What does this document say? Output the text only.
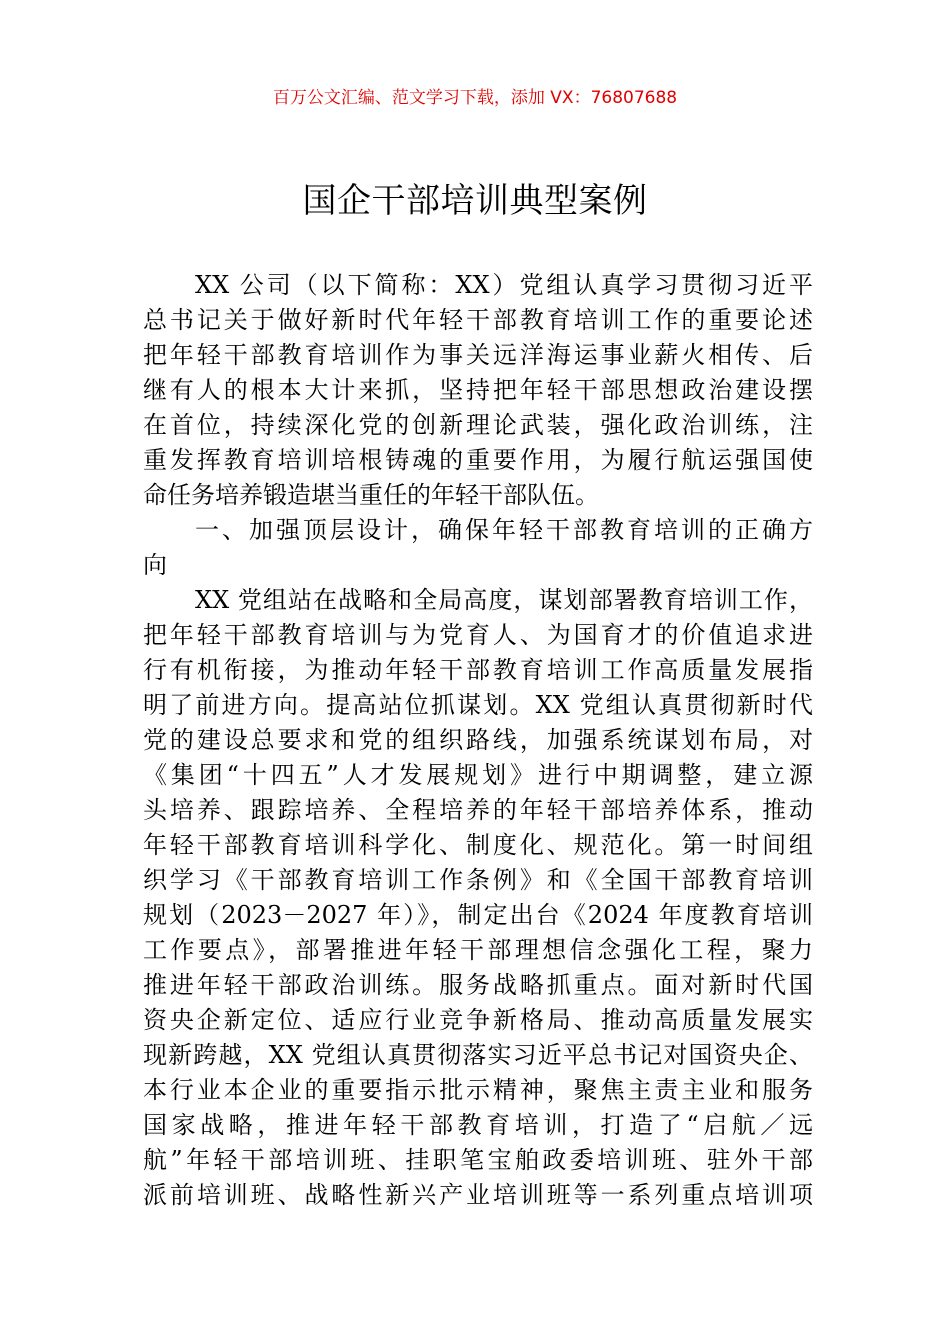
百万公文汇编、范文学习下载，添加 VX：76807688
国企干部培训典型案例
XX 公司（以下简称：XX）党组认真学习贯彻习近平
总书记关于做好新时代年轻干部教育培训工作的重要论述
把年轻干部教育培训作为事关远洋海运事业薪火相传、后
继有人的根本大计来抓，坚持把年轻干部思想政治建设摆
在首位，持续深化党的创新理论武装，强化政治训练，注
重发挥教育培训培根铸魂的重要作用，为履行航运强国使
命任务培养锻造堪当重任的年轻干部队伍。
一、加强顶层设计，确保年轻干部教育培训的正确方
向
XX 党组站在战略和全局高度，谋划部署教育培训工作，
把年轻干部教育培训与为党育人、为国育才的价值追求进
行有机衔接，为推动年轻干部教育培训工作高质量发展指
明了前进方向。提高站位抓谋划。XX 党组认真贯彻新时代
党的建设总要求和党的组织路线，加强系统谋划布局，对
《集团“十四五”人才发展规划》进行中期调整，建立源
头培养、跟踪培养、全程培养的年轻干部培养体系，推动
年轻干部教育培训科学化、制度化、规范化。第一时间组
织学习《干部教育培训工作条例》和《全国干部教育培训
规划（2023－2027 年）》，制定出台《2024 年度教育培训
工作要点》，部署推进年轻干部理想信念强化工程，聚力
推进年轻干部政治训练。服务战略抓重点。面对新时代国
资央企新定位、适应行业竞争新格局、推动高质量发展实
现新跨越，XX 党组认真贯彻落实习近平总书记对国资央企、
本行业本企业的重要指示批示精神，聚焦主责主业和服务
国家战略，推进年轻干部教育培训，打造了“启航／远
航”年轻干部培训班、挂职笔宝舶政委培训班、驻外干部
派前培训班、战略性新兴产业培训班等一系列重点培训项
